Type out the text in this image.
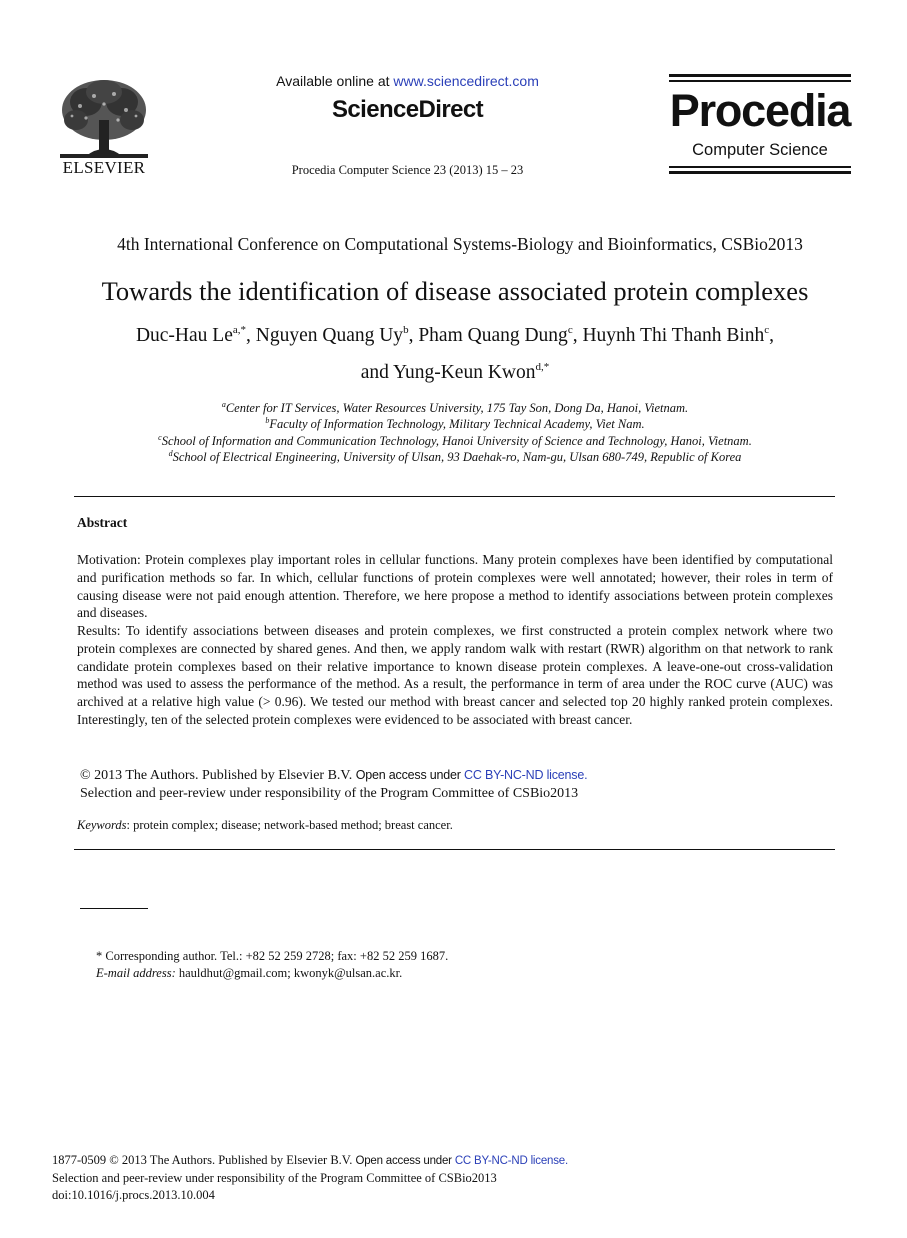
ELSEVIER
Available online at www.sciencedirect.com
ScienceDirect
Procedia Computer Science 23 (2013) 15 – 23
Procedia
Computer Science
4th International Conference on Computational Systems-Biology and Bioinformatics, CSBio2013
Towards the identification of disease associated protein complexes
Duc-Hau $Le^{a,*}$, Nguyen Quang Uy$^b$, Pham Quang Dung$^c$, Huynh Thi Thanh Binh$^c$,
and Yung-Keun Kwon$^{d,*}$
$^a$Center for IT Services, Water Resources University, 175 Tay Son, Dong Da, Hanoi, Vietnam.
$^b$Faculty of Information Technology, Military Technical Academy, Viet Nam.
$^c$School of Information and Communication Technology, Hanoi University of Science and Technology, Hanoi, Vietnam.
$^d$School of Electrical Engineering, University of Ulsan, 93 Daehak-ro, Nam-gu, Ulsan 680-749, Republic of Korea
Abstract
Motivation: Protein complexes play important roles in cellular functions. Many protein complexes have been identified by computational and purification methods so far. In which, cellular functions of protein complexes were well annotated; however, their roles in term of causing disease were not paid enough attention. Therefore, we here propose a method to identify associations between protein complexes and diseases.
Results: To identify associations between diseases and protein complexes, we first constructed a protein complex network where two protein complexes are connected by shared genes. And then, we apply random walk with restart (RWR) algorithm on that network to rank candidate protein complexes based on their relative importance to known disease protein complexes. A leave-one-out cross-validation method was used to assess the performance of the method. As a result, the performance in term of area under the ROC curve (AUC) was archived at a relative high value (> 0.96). We tested our method with breast cancer and selected top 20 highly ranked protein complexes. Interestingly, ten of the selected protein complexes were evidenced to be associated with breast cancer.
© 2013 The Authors. Published by Elsevier B.V. Open access under CC BY-NC-ND license.
Selection and peer-review under responsibility of the Program Committee of CSBio2013
Keywords: protein complex; disease; network-based method; breast cancer.
* Corresponding author. Tel.: +82 52 259 2728; fax: +82 52 259 1687.
E-mail address: hauldhut@gmail.com; kwonyk@ulsan.ac.kr.
1877-0509 © 2013 The Authors. Published by Elsevier B.V. Open access under CC BY-NC-ND license.
Selection and peer-review under responsibility of the Program Committee of CSBio2013
doi:10.1016/j.procs.2013.10.004
